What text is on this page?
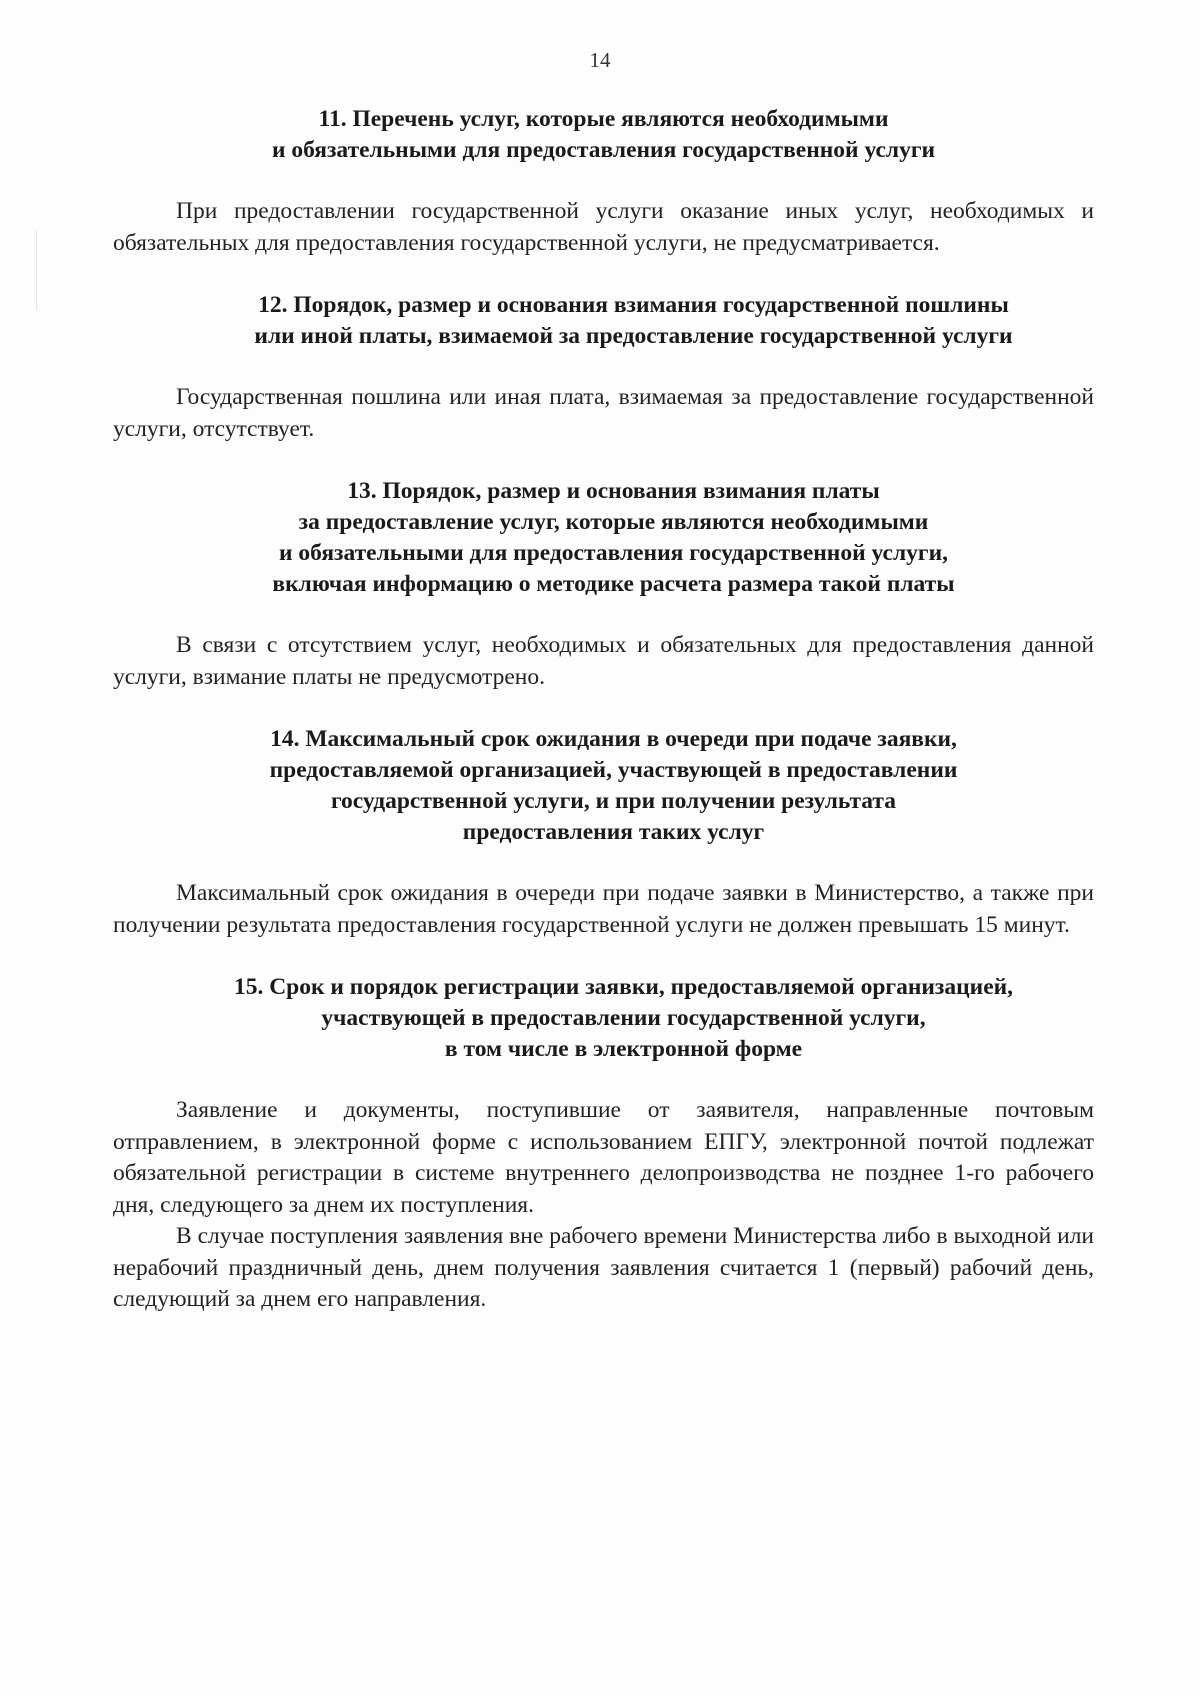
14
11. Перечень услуг, которые являются необходимыми
и обязательными для предоставления государственной услуги

При предоставлении государственной услуги оказание иных услуг, необходимых и обязательных для предоставления государственной услуги, не предусматривается.

12. Порядок, размер и основания взимания государственной пошлины
или иной платы, взимаемой за предоставление государственной услуги

Государственная пошлина или иная плата, взимаемая за предоставление государственной услуги, отсутствует.

13. Порядок, размер и основания взимания платы
за предоставление услуг, которые являются необходимыми
и обязательными для предоставления государственной услуги,
включая информацию о методике расчета размера такой платы

В связи с отсутствием услуг, необходимых и обязательных для предоставления данной услуги, взимание платы не предусмотрено.

14. Максимальный срок ожидания в очереди при подаче заявки,
предоставляемой организацией, участвующей в предоставлении
государственной услуги, и при получении результата
предоставления таких услуг

Максимальный срок ожидания в очереди при подаче заявки в Министерство, а также при получении результата предоставления государственной услуги не должен превышать 15 минут.

15. Срок и порядок регистрации заявки, предоставляемой организацией,
участвующей в предоставлении государственной услуги,
в том числе в электронной форме

Заявление и документы, поступившие от заявителя, направленные почтовым отправлением, в электронной форме с использованием ЕПГУ, электронной почтой подлежат обязательной регистрации в системе внутреннего делопроизводства не позднее 1-го рабочего дня, следующего за днем их поступления.

В случае поступления заявления вне рабочего времени Министерства либо в выходной или нерабочий праздничный день, днем получения заявления считается 1 (первый) рабочий день, следующий за днем его направления.
